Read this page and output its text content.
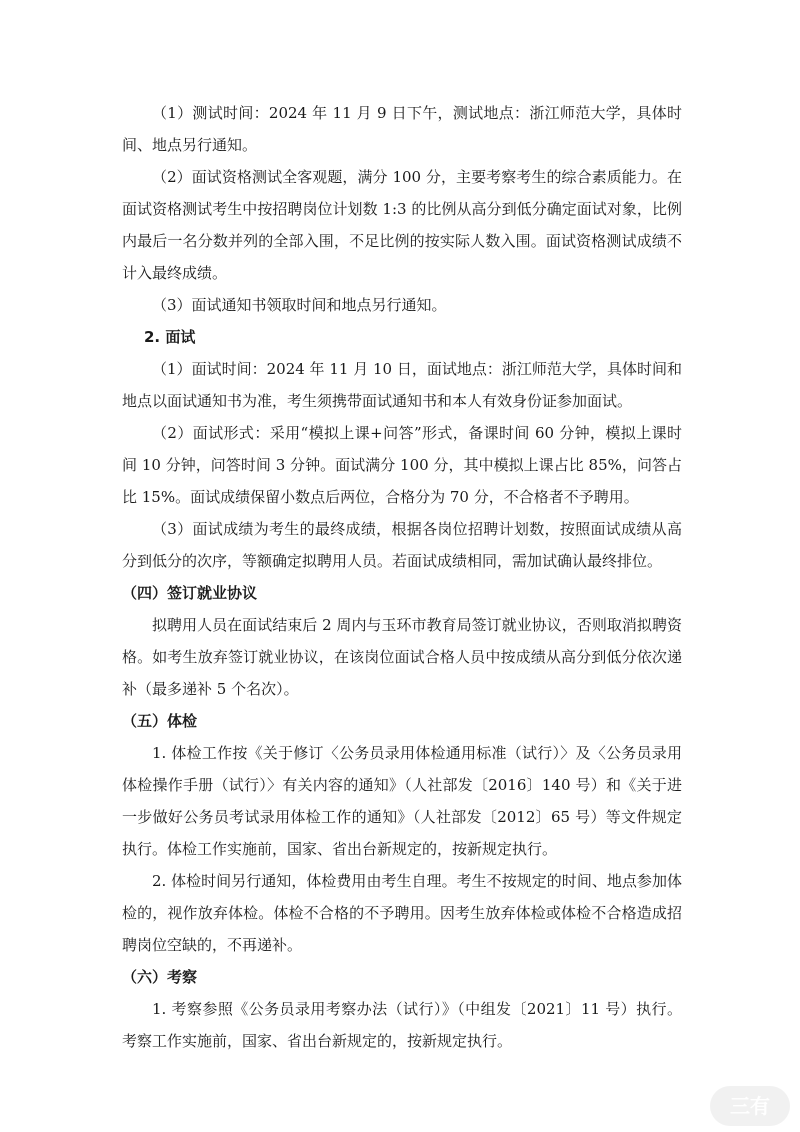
（1）测试时间：2024 年 11 月 9 日下午，测试地点：浙江师范大学，具体时间、地点另行通知。

（2）面试资格测试全客观题，满分 100 分，主要考察考生的综合素质能力。在面试资格测试考生中按招聘岗位计划数 1:3 的比例从高分到低分确定面试对象，比例内最后一名分数并列的全部入围，不足比例的按实际人数入围。面试资格测试成绩不计入最终成绩。

（3）面试通知书领取时间和地点另行通知。

2. 面试

（1）面试时间：2024 年 11 月 10 日，面试地点：浙江师范大学，具体时间和地点以面试通知书为准，考生须携带面试通知书和本人有效身份证参加面试。

（2）面试形式：采用“模拟上课+问答”形式，备课时间 60 分钟，模拟上课时间 10 分钟，问答时间 3 分钟。面试满分 100 分，其中模拟上课占比 85%，问答占比 15%。面试成绩保留小数点后两位，合格分为 70 分，不合格者不予聘用。

（3）面试成绩为考生的最终成绩，根据各岗位招聘计划数，按照面试成绩从高分到低分的次序，等额确定拟聘用人员。若面试成绩相同，需加试确认最终排位。

（四）签订就业协议

拟聘用人员在面试结束后 2 周内与玉环市教育局签订就业协议，否则取消拟聘资格。如考生放弃签订就业协议，在该岗位面试合格人员中按成绩从高分到低分依次递补（最多递补 5 个名次）。

（五）体检

1. 体检工作按《关于修订〈公务员录用体检通用标准（试行）〉及〈公务员录用体检操作手册（试行）〉有关内容的通知》（人社部发〔2016〕140 号）和《关于进一步做好公务员考试录用体检工作的通知》（人社部发〔2012〕65 号）等文件规定执行。体检工作实施前，国家、省出台新规定的，按新规定执行。

2. 体检时间另行通知，体检费用由考生自理。考生不按规定的时间、地点参加体检的，视作放弃体检。体检不合格的不予聘用。因考生放弃体检或体检不合格造成招聘岗位空缺的，不再递补。

（六）考察

1. 考察参照《公务员录用考察办法（试行）》（中组发〔2021〕11 号）执行。考察工作实施前，国家、省出台新规定的，按新规定执行。

三有
